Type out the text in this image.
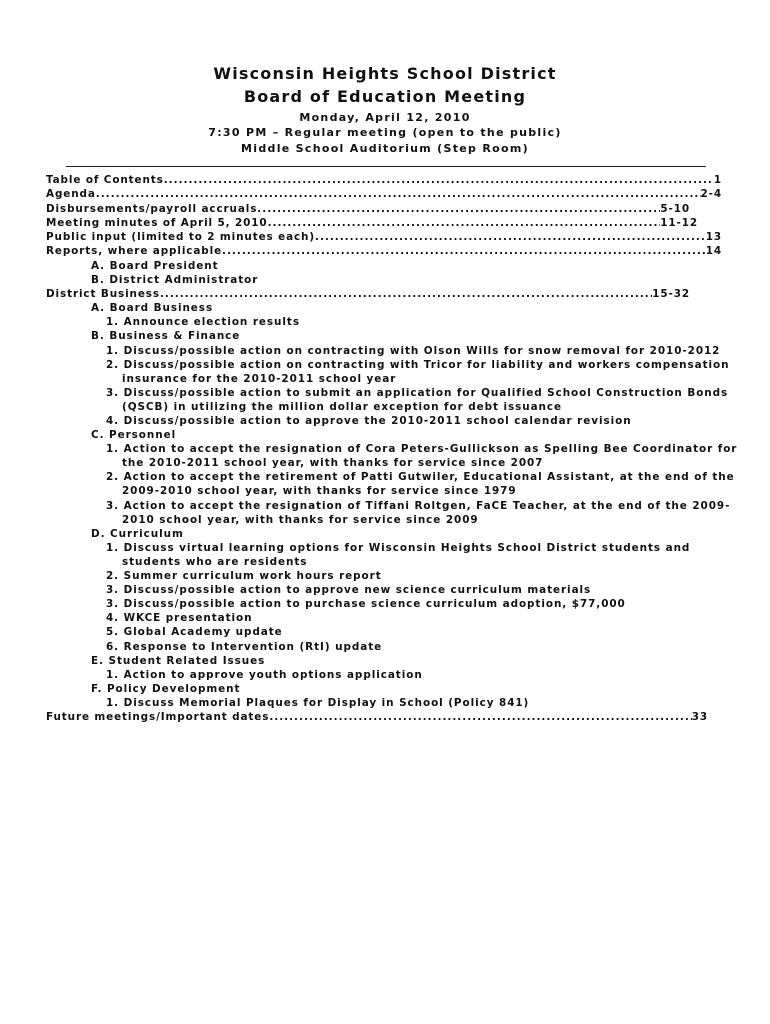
Wisconsin Heights School District
Board of Education Meeting
Monday, April 12, 2010
7:30 PM – Regular meeting (open to the public)
Middle School Auditorium (Step Room)
Table of Contents .....	1
Agenda .....	2-4
Disbursements/payroll accruals .....	5-10
Meeting minutes of April 5, 2010 .....	11-12
Public input (limited to 2 minutes each) .....	13
Reports, where applicable .....	14
A. Board President
B. District Administrator
District Business .....	15-32
A. Board Business
1. Announce election results
B. Business & Finance
1. Discuss/possible action on contracting with Olson Wills for snow removal for 2010-2012
2. Discuss/possible action on contracting with Tricor for liability and workers compensation
insurance for the 2010-2011 school year
3. Discuss/possible action to submit an application for Qualified School Construction Bonds
(QSCB) in utilizing the million dollar exception for debt issuance
4. Discuss/possible action to approve the 2010-2011 school calendar revision
C. Personnel
1. Action to accept the resignation of Cora Peters-Gullickson as Spelling Bee Coordinator for
the 2010-2011 school year, with thanks for service since 2007
2. Action to accept the retirement of Patti Gutwiler, Educational Assistant, at the end of the
2009-2010 school year, with thanks for service since 1979
3. Action to accept the resignation of Tiffani Roltgen, FaCE Teacher, at the end of the 2009-
2010 school year, with thanks for service since 2009
D. Curriculum
1. Discuss virtual learning options for Wisconsin Heights School District students and
students who are residents
2. Summer curriculum work hours report
3. Discuss/possible action to approve new science curriculum materials
3. Discuss/possible action to purchase science curriculum adoption, $77,000
4. WKCE presentation
5. Global Academy update
6. Response to Intervention (RtI) update
E. Student Related Issues
1. Action to approve youth options application
F. Policy Development
1. Discuss Memorial Plaques for Display in School (Policy 841)
Future meetings/Important dates .....	33
